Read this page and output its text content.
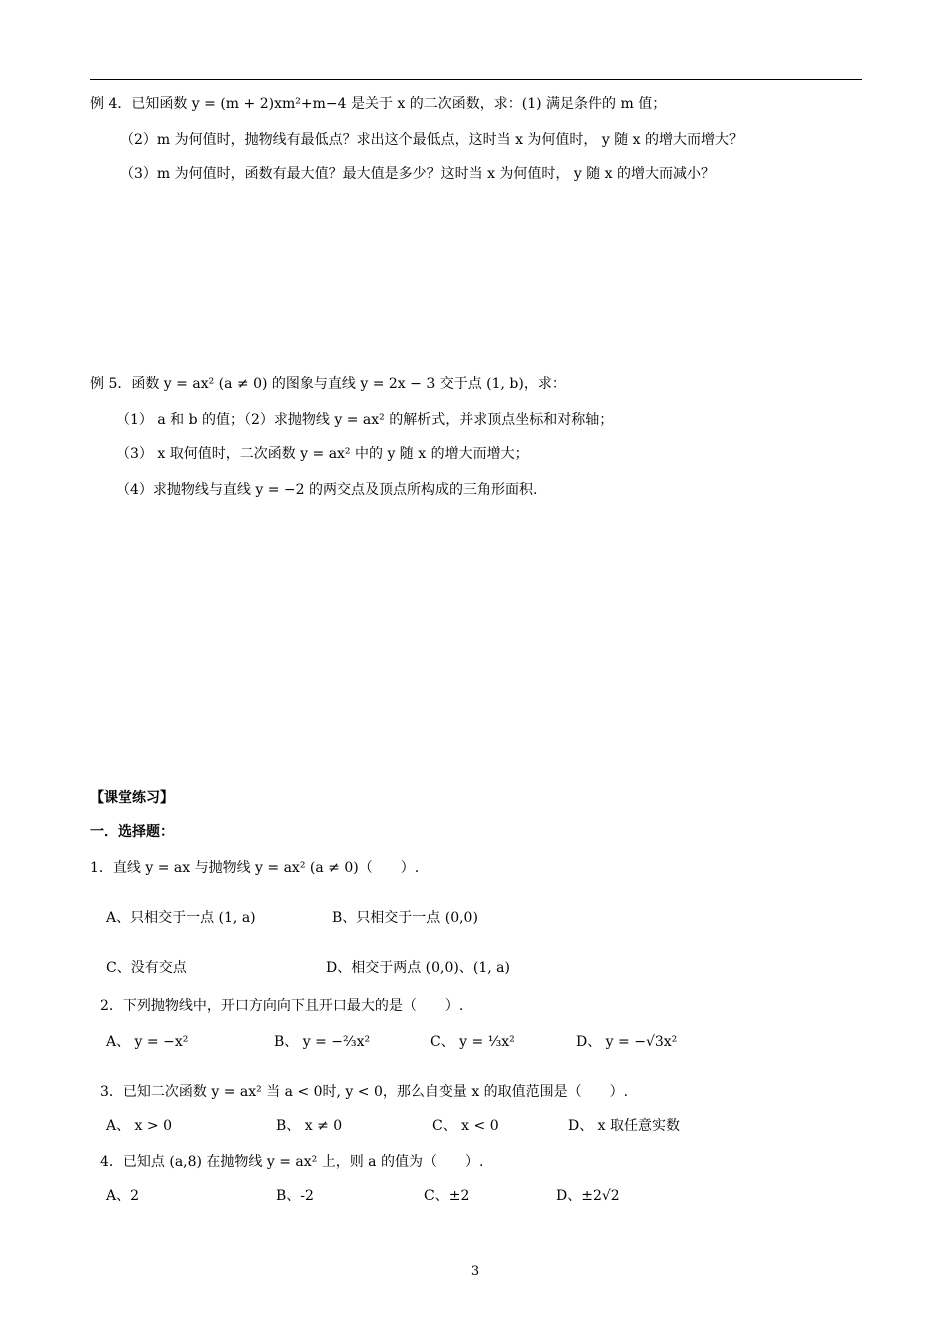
例 4．已知函数 y = (m + 2)xm²+m−4 是关于 x 的二次函数，求：(1) 满足条件的 m 值；
（2）m 为何值时，抛物线有最低点？求出这个最低点，这时当 x 为何值时， y 随 x 的增大而增大？
（3）m 为何值时，函数有最大值？最大值是多少？这时当 x 为何值时， y 随 x 的增大而减小？
例 5．函数 y = ax² (a ≠ 0) 的图象与直线 y = 2x − 3 交于点 (1, b)，求：
（1） a 和 b 的值；（2）求抛物线 y = ax² 的解析式，并求顶点坐标和对称轴；
（3） x 取何值时，二次函数 y = ax² 中的 y 随 x 的增大而增大；
（4）求抛物线与直线 y = −2 的两交点及顶点所构成的三角形面积.
【课堂练习】
一．选择题：
1．直线 y = ax 与抛物线 y = ax² (a ≠ 0)（　　）.
A、只相交于一点 (1, a)	B、只相交于一点 (0,0)
C、没有交点	D、相交于两点 (0,0)、(1, a)
2．下列抛物线中，开口方向向下且开口最大的是（　　）.
A、 y = −x²	B、 y = −⅔x²	C、 y = ⅓x²	D、 y = −√3x²
3．已知二次函数 y = ax² 当 a < 0时, y < 0，那么自变量 x 的取值范围是（　　）.
A、 x > 0	B、 x ≠ 0	C、 x < 0	D、 x 取任意实数
4．已知点 (a,8) 在抛物线 y = ax² 上，则 a 的值为（　　）.
A、2	B、-2	C、±2	D、±2√2
3
